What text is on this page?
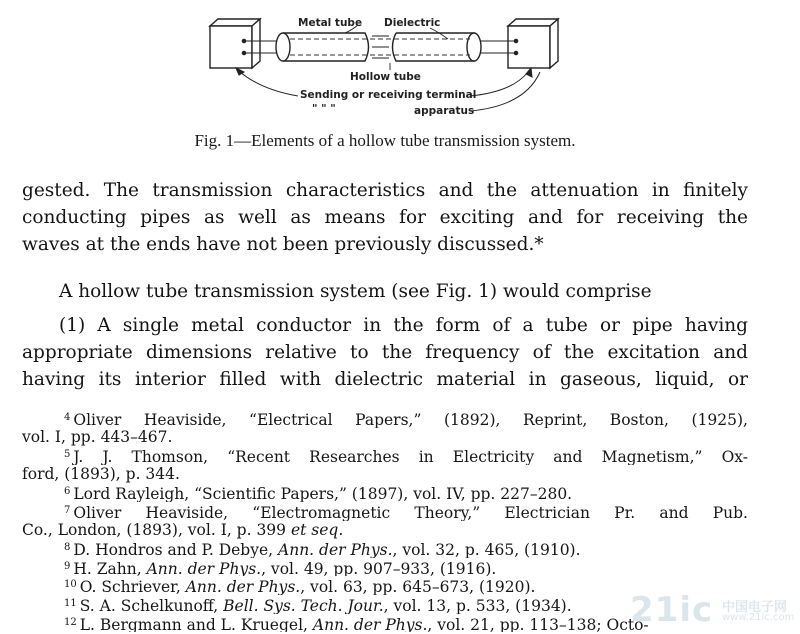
Metal tube Dielectric
Hollow tube
Sending or receiving terminal
" " "	apparatus
Fig. 1—Elements of a hollow tube transmission system.
gested. The transmission characteristics and the attenuation in finitely
conducting pipes as well as means for exciting and for receiving the
waves at the ends have not been previously discussed.*
A hollow tube transmission system (see Fig. 1) would comprise
(1) A single metal conductor in the form of a tube or pipe having
appropriate dimensions relative to the frequency of the excitation and
having its interior filled with dielectric material in gaseous, liquid, or
$^4$ Oliver Heaviside, “Electrical Papers,” (1892), Reprint, Boston, (1925),
vol. I, pp. 443–467.
$^5$ J. J. Thomson, “Recent Researches in Electricity and Magnetism,” Ox-
ford, (1893), p. 344.
$^6$ Lord Rayleigh, “Scientific Papers,” (1897), vol. IV, pp. 227–280.
$^7$ Oliver Heaviside, “Electromagnetic Theory,” Electrician Pr. and Pub.
Co., London, (1893), vol. I, p. 399 et seq.
$^8$ D. Hondros and P. Debye, Ann. der Phys., vol. 32, p. 465, (1910).
$^9$ H. Zahn, Ann. der Phys., vol. 49, pp. 907–933, (1916).
$^{10}$ O. Schriever, Ann. der Phys., vol. 63, pp. 645–673, (1920).
$^{11}$ S. A. Schelkunoff, Bell. Sys. Tech. Jour., vol. 13, p. 533, (1934).
$^{12}$ L. Bergmann and L. Kruegel, Ann. der Phys., vol. 21, pp. 113–138; Octo-
21ic 中国电子网
www.21ic.com
